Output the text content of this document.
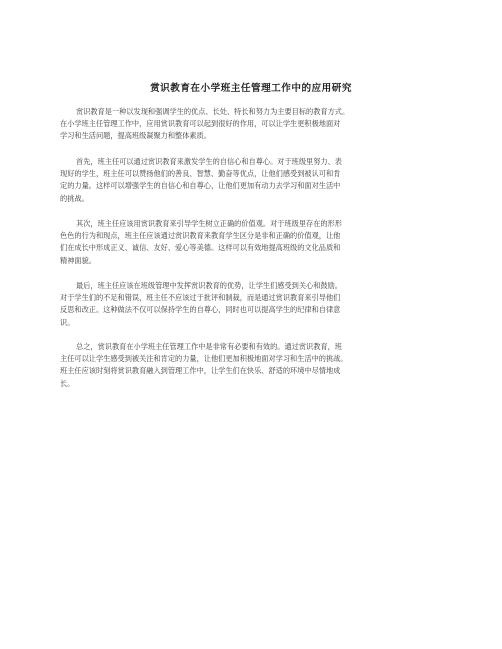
赏识教育在小学班主任管理工作中的应用研究
赏识教育是一种以发现和强调学生的优点、长处、特长和努力为主要目标的教育方式。
在小学班主任管理工作中，应用赏识教育可以起到很好的作用，可以让学生更积极地面对
学习和生活问题，提高班级凝聚力和整体素质。
首先，班主任可以通过赏识教育来激发学生的自信心和自尊心。对于班级里努力、表
现好的学生，班主任可以赞扬他们的善良、智慧、勤奋等优点，让他们感受到被认可和肯
定的力量。这样可以增强学生的自信心和自尊心，让他们更加有动力去学习和面对生活中
的挑战。
其次，班主任应该用赏识教育来引导学生树立正确的价值观。对于班级里存在的形形
色色的行为和现点，班主任应该通过赏识教育来教育学生区分是非和正确的价值观，让他
们在成长中形成正义、诚信、友好、爱心等美德。这样可以有效地提高班级的文化品质和
精神面貌。
最后，班主任应该在班级管理中发挥赏识教育的优势，让学生们感受到关心和鼓励。
对于学生们的不足和错误，班主任不应该过于批评和制裁，而是通过赏识教育来引导他们
反思和改正。这种做法不仅可以保持学生的自尊心，同时也可以提高学生的纪律和自律意
识。
总之，赏识教育在小学班主任管理工作中是非常有必要和有效的。通过赏识教育，班
主任可以让学生感受到被关注和肯定的力量，让他们更加积极地面对学习和生活中的挑战。
班主任应该时刻将赏识教育融入到管理工作中，让学生们在快乐、舒适的环境中尽情地成
长。
